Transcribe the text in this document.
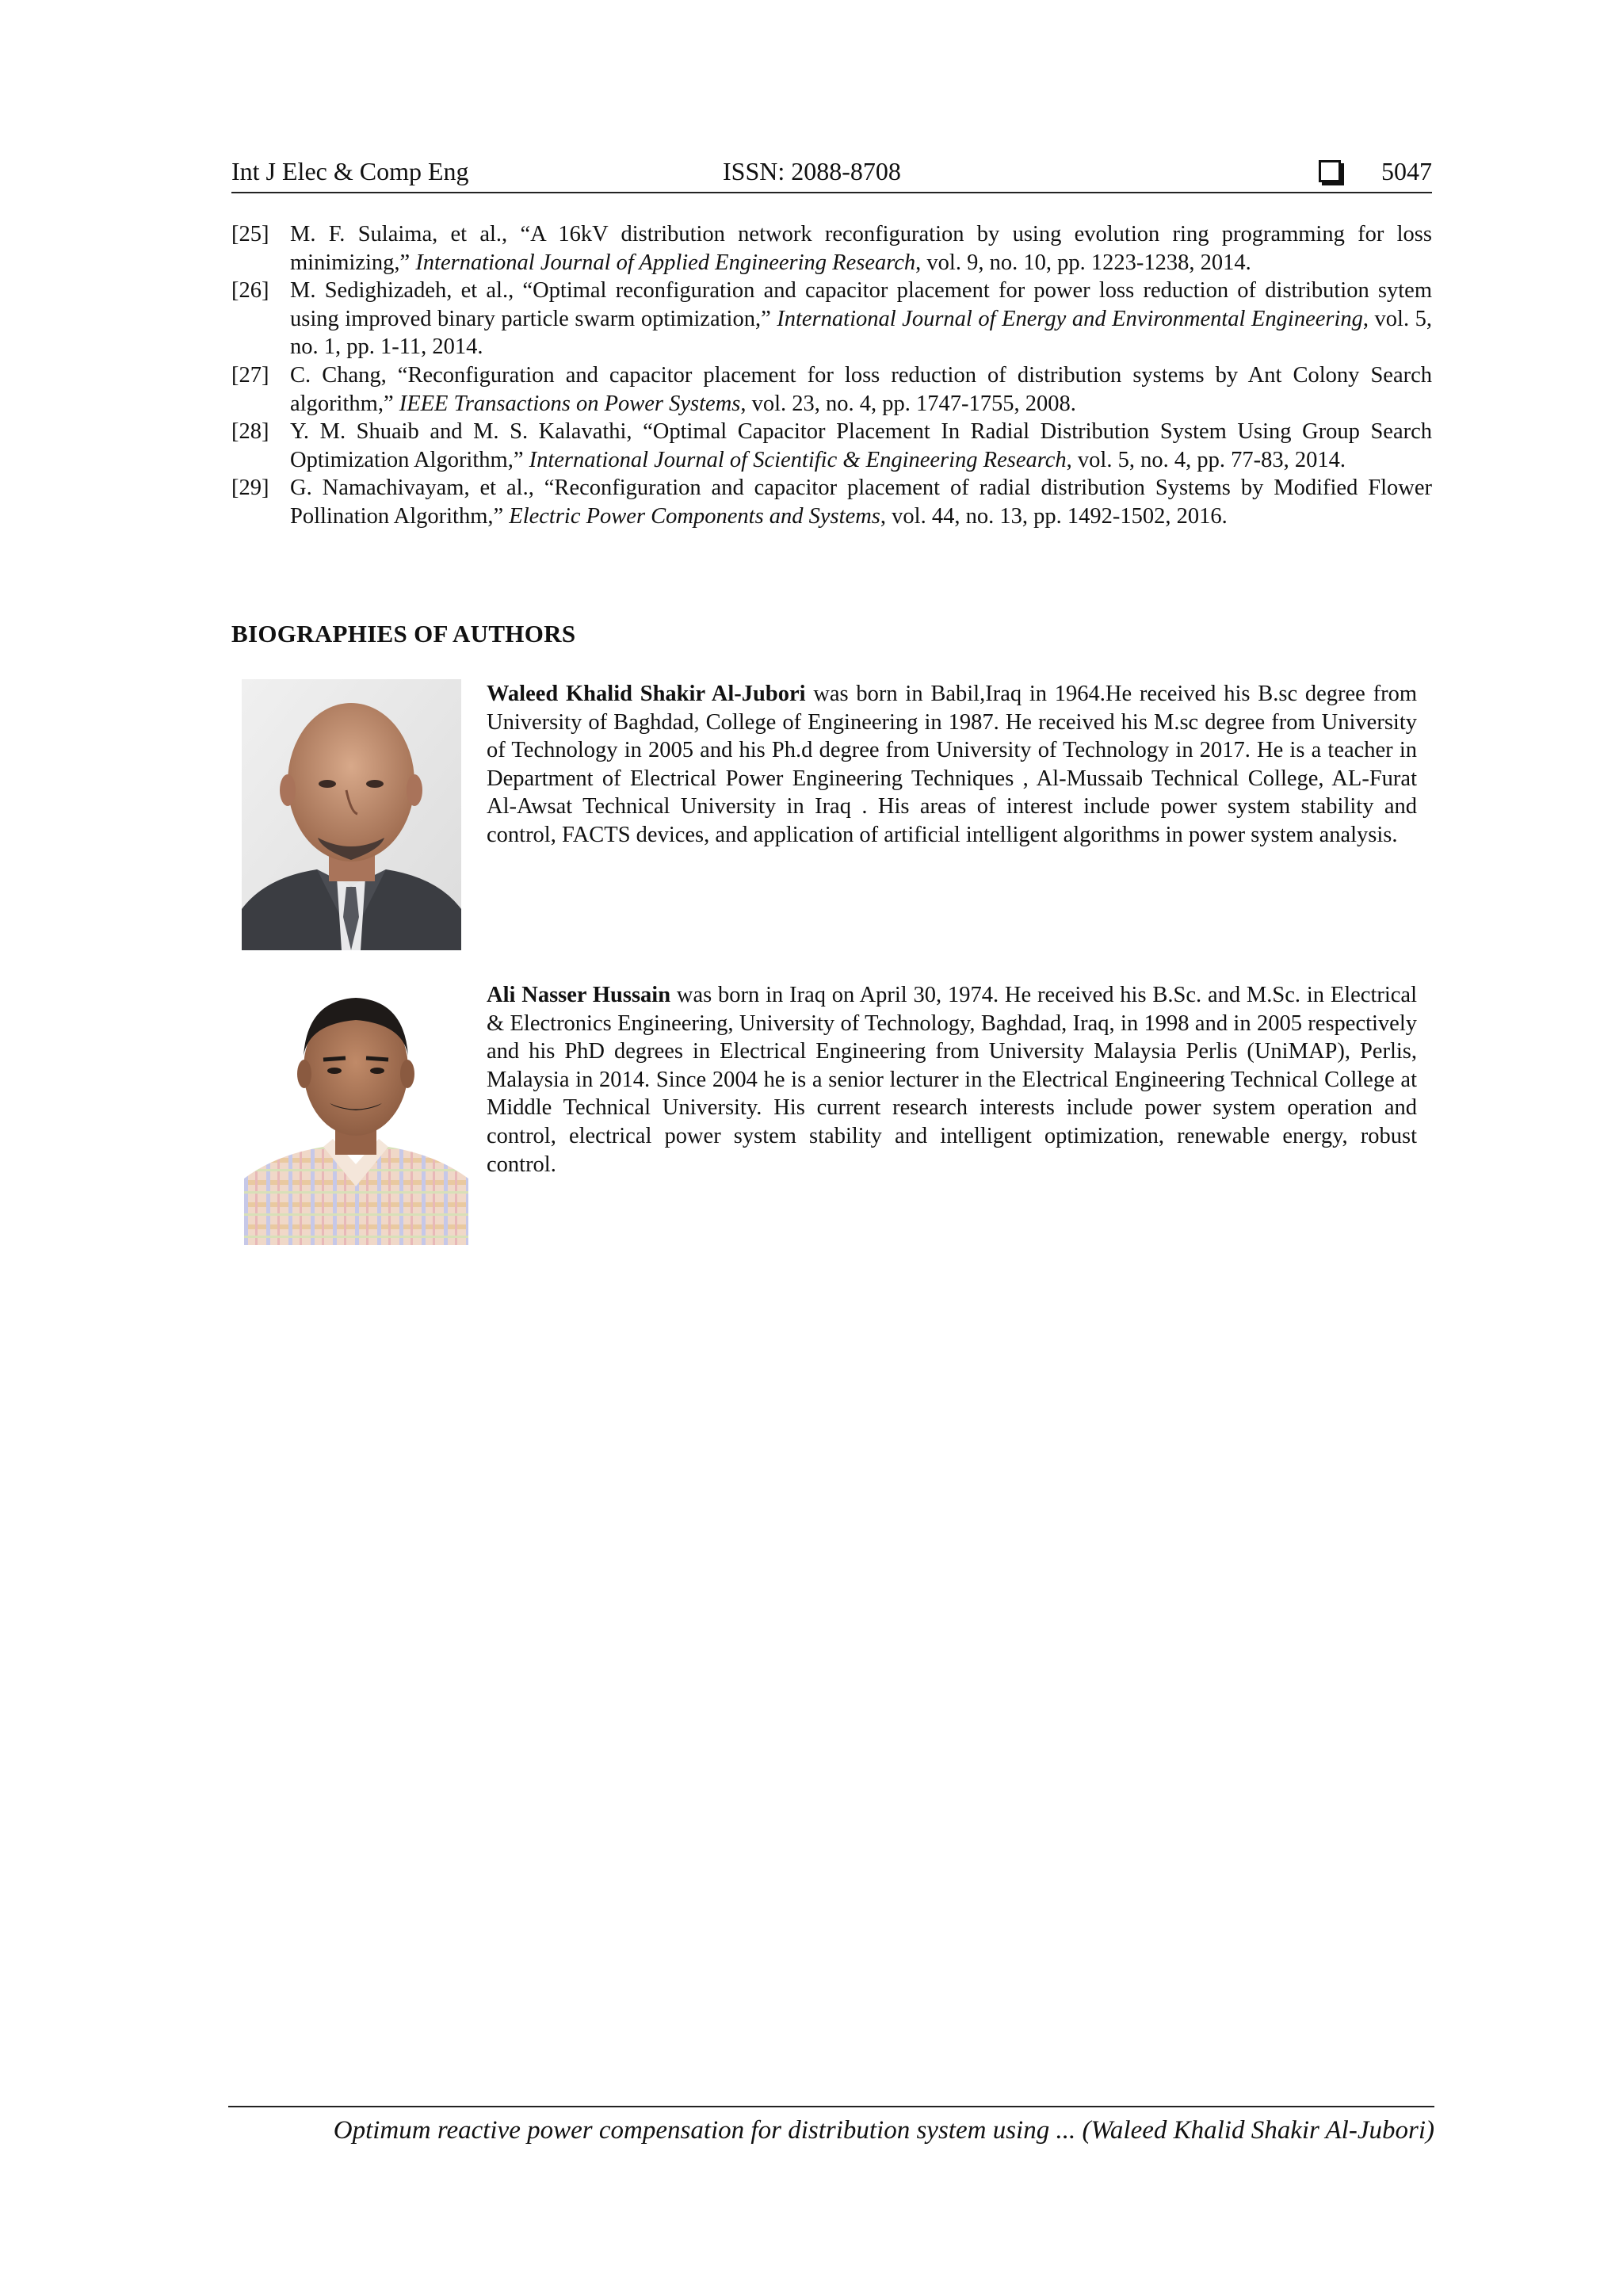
Int J Elec & Comp Eng	ISSN: 2088-8708	5047
[25] M. F. Sulaima, et al., “A 16kV distribution network reconfiguration by using evolution ring programming for loss minimizing,” International Journal of Applied Engineering Research, vol. 9, no. 10, pp. 1223-1238, 2014.
[26] M. Sedighizadeh, et al., “Optimal reconfiguration and capacitor placement for power loss reduction of distribution sytem using improved binary particle swarm optimization,” International Journal of Energy and Environmental Engineering, vol. 5, no. 1, pp. 1-11, 2014.
[27] C. Chang, “Reconfiguration and capacitor placement for loss reduction of distribution systems by Ant Colony Search algorithm,” IEEE Transactions on Power Systems, vol. 23, no. 4, pp. 1747-1755, 2008.
[28] Y. M. Shuaib and M. S. Kalavathi, “Optimal Capacitor Placement In Radial Distribution System Using Group Search Optimization Algorithm,” International Journal of Scientific & Engineering Research, vol. 5, no. 4, pp. 77-83, 2014.
[29] G. Namachivayam, et al., “Reconfiguration and capacitor placement of radial distribution Systems by Modified Flower Pollination Algorithm,” Electric Power Components and Systems, vol. 44, no. 13, pp. 1492-1502, 2016.
BIOGRAPHIES OF AUTHORS
Waleed Khalid Shakir Al-Jubori was born in Babil,Iraq in 1964.He received his B.sc degree from University of Baghdad, College of Engineering in 1987. He received his M.sc degree from University of Technology in 2005 and his Ph.d degree from University of Technology in 2017. He is a teacher in Department of Electrical Power Engineering Techniques , Al-Mussaib Technical College, AL-Furat Al-Awsat Technical University in Iraq . His areas of interest include power system stability and control, FACTS devices, and application of artificial intelligent algorithms in power system analysis.
Ali Nasser Hussain was born in Iraq on April 30, 1974. He received his B.Sc. and M.Sc. in Electrical & Electronics Engineering, University of Technology, Baghdad, Iraq, in 1998 and in 2005 respectively and his PhD degrees in Electrical Engineering from University Malaysia Perlis (UniMAP), Perlis, Malaysia in 2014. Since 2004 he is a senior lecturer in the Electrical Engineering Technical College at Middle Technical University. His current research interests include power system operation and control, electrical power system stability and intelligent optimization, renewable energy, robust control.
Optimum reactive power compensation for distribution system using ... (Waleed Khalid Shakir Al-Jubori)
